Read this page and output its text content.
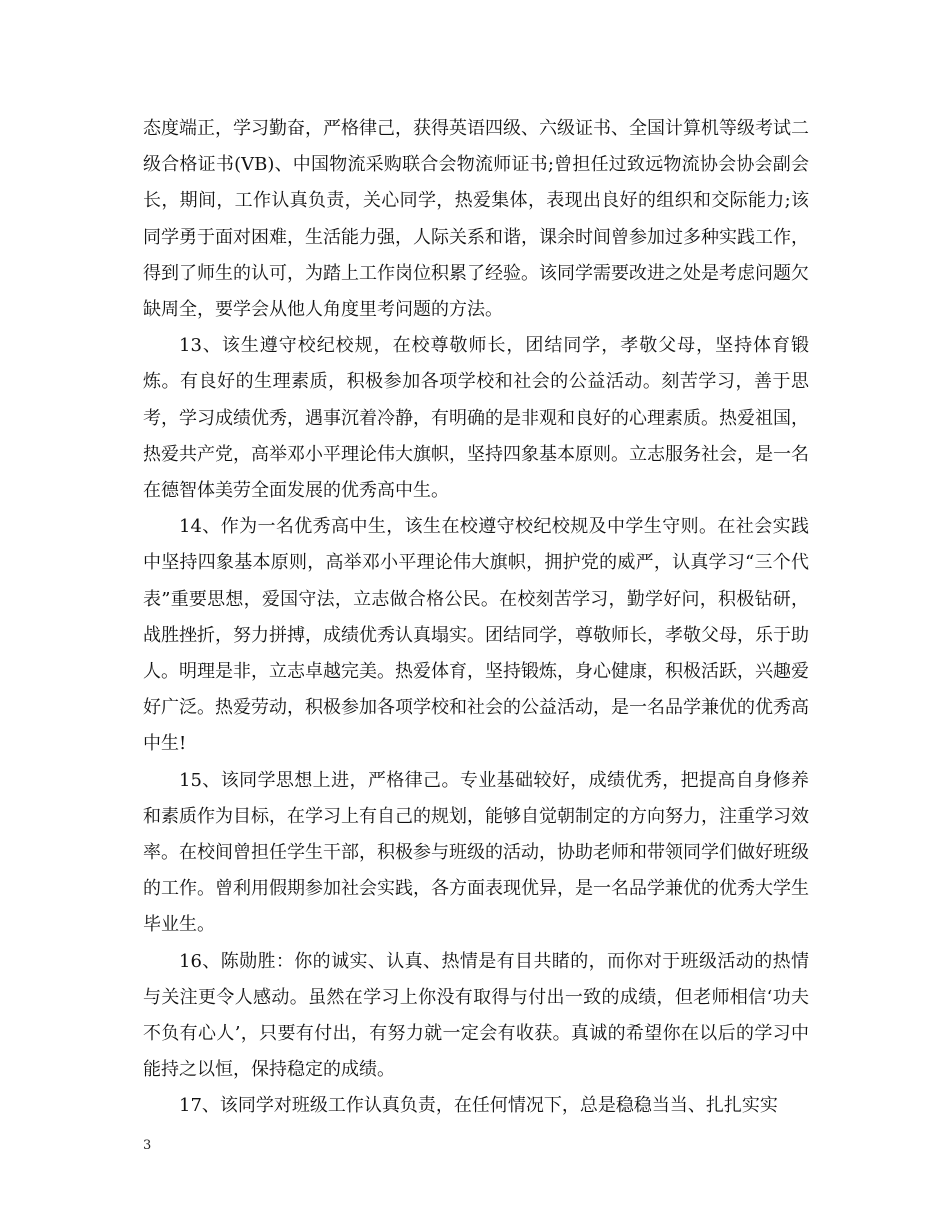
态度端正，学习勤奋，严格律己，获得英语四级、六级证书、全国计算机等级考试二级合格证书(VB)、中国物流采购联合会物流师证书;曾担任过致远物流协会协会副会长，期间，工作认真负责，关心同学，热爱集体，表现出良好的组织和交际能力;该同学勇于面对困难，生活能力强，人际关系和谐，课余时间曾参加过多种实践工作，得到了师生的认可，为踏上工作岗位积累了经验。该同学需要改进之处是考虑问题欠缺周全，要学会从他人角度里考问题的方法。

13、该生遵守校纪校规，在校尊敬师长，团结同学，孝敬父母，坚持体育锻炼。有良好的生理素质，积极参加各项学校和社会的公益活动。刻苦学习，善于思考，学习成绩优秀，遇事沉着冷静，有明确的是非观和良好的心理素质。热爱祖国，热爱共产党，高举邓小平理论伟大旗帜，坚持四象基本原则。立志服务社会，是一名在德智体美劳全面发展的优秀高中生。

14、作为一名优秀高中生，该生在校遵守校纪校规及中学生守则。在社会实践中坚持四象基本原则，高举邓小平理论伟大旗帜，拥护党的威严，认真学习“三个代表”重要思想，爱国守法，立志做合格公民。在校刻苦学习，勤学好问，积极钻研，战胜挫折，努力拼搏，成绩优秀认真塌实。团结同学，尊敬师长，孝敬父母，乐于助人。明理是非，立志卓越完美。热爱体育，坚持锻炼，身心健康，积极活跃，兴趣爱好广泛。热爱劳动，积极参加各项学校和社会的公益活动，是一名品学兼优的优秀高中生!

15、该同学思想上进，严格律己。专业基础较好，成绩优秀，把提高自身修养和素质作为目标，在学习上有自己的规划，能够自觉朝制定的方向努力，注重学习效率。在校间曾担任学生干部，积极参与班级的活动，协助老师和带领同学们做好班级的工作。曾利用假期参加社会实践，各方面表现优异，是一名品学兼优的优秀大学生毕业生。

16、陈勋胜：你的诚实、认真、热情是有目共睹的，而你对于班级活动的热情与关注更令人感动。虽然在学习上你没有取得与付出一致的成绩，但老师相信‘功夫不负有心人’，只要有付出，有努力就一定会有收获。真诚的希望你在以后的学习中能持之以恒，保持稳定的成绩。

17、该同学对班级工作认真负责，在任何情况下，总是稳稳当当、扎扎实实

3
